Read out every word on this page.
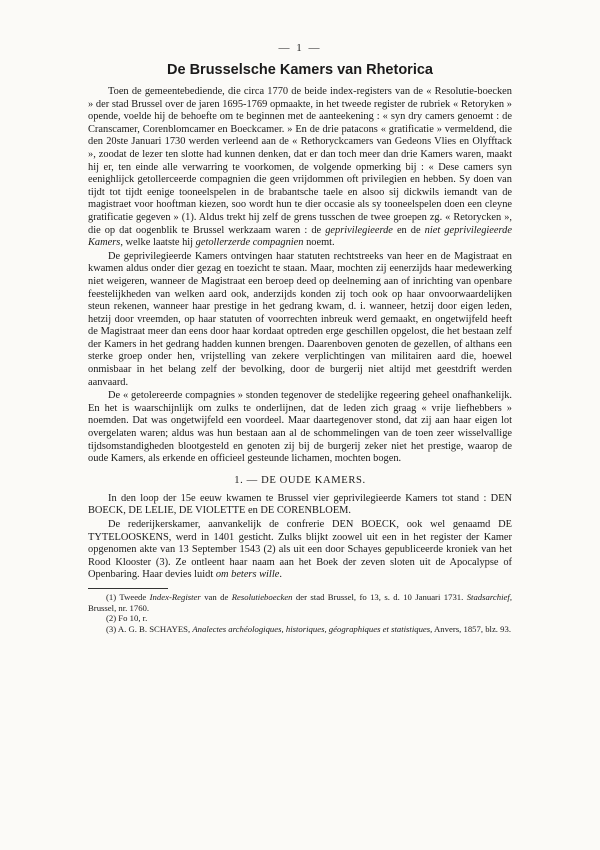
— 1 —
De Brusselsche Kamers van Rhetorica

Toen de gemeentebediende, die circa 1770 de beide index-registers van de « Resolutie-boecken » der stad Brussel over de jaren 1695-1769 opmaakte, in het tweede register de rubriek « Retoryken » opende, voelde hij de behoefte om te beginnen met de aanteekening : « syn dry camers genoemt : de Cranscamer, Corenblomcamer en Boeckcamer. » En de drie patacons « gratificatie » vermeldend, die den 20ste Januari 1730 werden verleend aan de « Rethoryckcamers van Gedeons Vlies en Olyfftack », zoodat de lezer ten slotte had kunnen denken, dat er dan toch meer dan drie Kamers waren, maakt hij er, ten einde alle verwarring te voorkomen, de volgende opmerking bij : « Dese camers syn eenighlijck getollerceerde compagnien die geen vrijdommen oft privilegien en hebben. Sy doen van tijdt tot tijdt eenige tooneelspelen in de brabantsche taele en alsoo sij dickwils iemandt van de magistraet voor hooftman kiezen, soo wordt hun te dier occasie als sy tooneelspelen doen een cleyne gratificatie gegeven » (1). Aldus trekt hij zelf de grens tusschen de twee groepen zg. « Retorycken », die op dat oogenblik te Brussel werkzaam waren : de geprivilegieerde en de niet geprivilegieerde Kamers, welke laatste hij getollerzerde compagnien noemt.

De geprivilegieerde Kamers ontvingen haar statuten rechtstreeks van heer en de Magistraat en kwamen aldus onder dier gezag en toezicht te staan. Maar, mochten zij eenerzijds haar medewerking niet weigeren, wanneer de Magistraat een beroep deed op deelneming aan of inrichting van openbare feestelijkheden van welken aard ook, anderzijds konden zij toch ook op haar onvoorwaardelijken steun rekenen, wanneer haar prestige in het gedrang kwam, d. i. wanneer, hetzij door eigen leden, hetzij door vreemden, op haar statuten of voorrechten inbreuk werd gemaakt, en ongetwijfeld heeft de Magistraat meer dan eens door haar kordaat optreden erge geschillen opgelost, die het bestaan zelf der Kamers in het gedrang hadden kunnen brengen. Daarenboven genoten de gezellen, of althans een sterke groep onder hen, vrijstelling van zekere verplichtingen van militairen aard die, hoewel onmisbaar in het belang zelf der bevolking, door de burgerij niet altijd met geestdrift werden aanvaard.

De « getolereerde compagnies » stonden tegenover de stedelijke regeering geheel onafhankelijk. En het is waarschijnlijk om zulks te onderlijnen, dat de leden zich graag « vrije liefhebbers » noemden. Dat was ongetwijfeld een voordeel. Maar daartegenover stond, dat zij aan haar eigen lot overgelaten waren; aldus was hun bestaan aan al de schommelingen van de toen zeer wisselvallige tijdsomstandigheden blootgesteld en genoten zij bij de burgerij zeker niet het prestige, waarop de oude Kamers, als erkende en officieel gesteunde lichamen, mochten bogen.

1. — DE OUDE KAMERS.

In den loop der 15e eeuw kwamen te Brussel vier geprivilegieerde Kamers tot stand : DEN BOECK, DE LELIE, DE VIOLETTE en DE CORENBLOEM.

De rederijkerskamer, aanvankelijk de confrerie DEN BOECK, ook wel genaamd DE TYTELOOSKENS, werd in 1401 gesticht. Zulks blijkt zoowel uit een in het register der Kamer opgenomen akte van 13 September 1543 (2) als uit een door Schayes gepubliceerde kroniek van het Rood Klooster (3). Ze ontleent haar naam aan het Boek der zeven sloten uit de Apocalypse of Openbaring. Haar devies luidt om beters wille.

(1) Tweede Index-Register van de Resolutieboecken der stad Brussel, fo 13, s. d. 10 Januari 1731. Stadsarchief, Brussel, nr. 1760.

(2) Fo 10, r.

(3) A. G. B. SCHAYES, Analectes archéologiques, historiques, géographiques et statistiques, Anvers, 1857, blz. 93.
